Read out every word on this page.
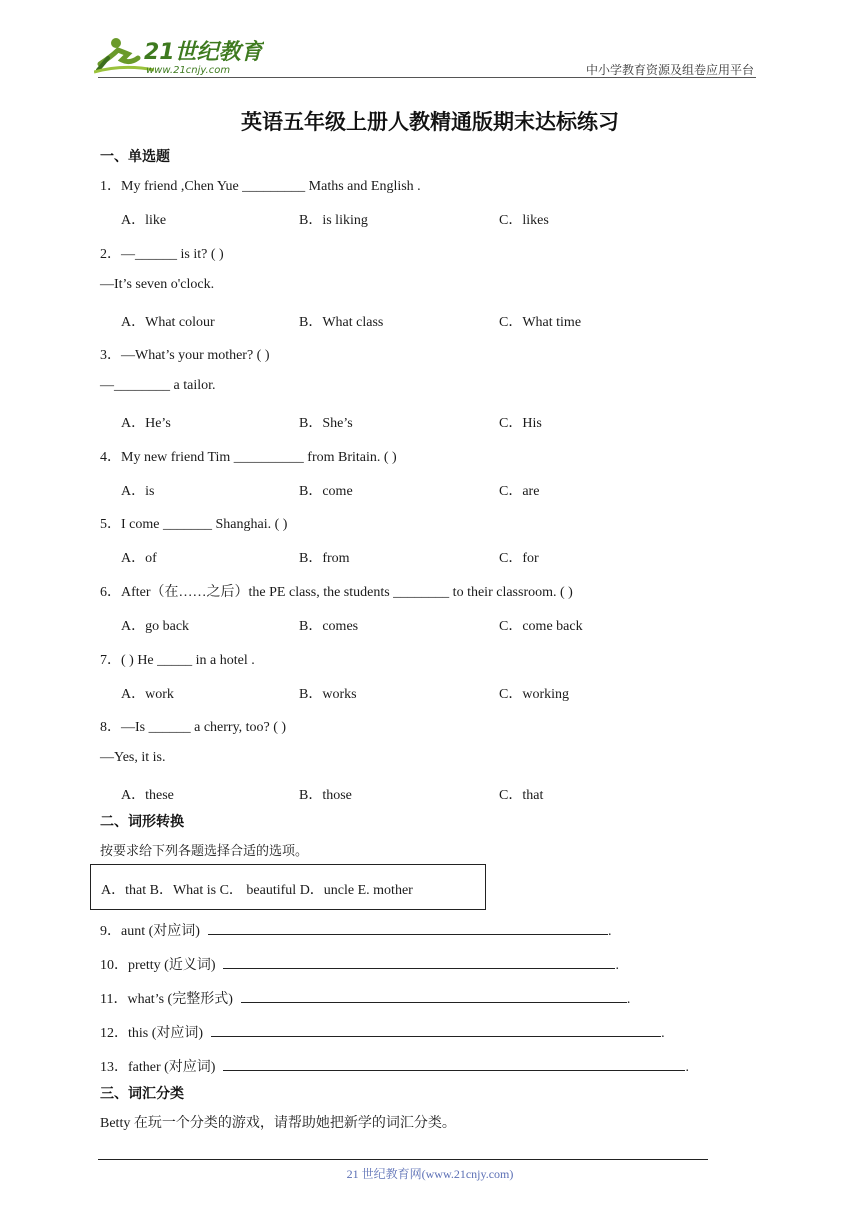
21世纪教育
www.21cnjy.com	中小学教育资源及组卷应用平台
英语五年级上册人教精通版期末达标练习
一、单选题
1．My friend ,Chen Yue _________ Maths and English .
A．like	B．is liking	C．likes
2．—______ is it? ( )
—It’s seven o'clock.
A．What colour	B．What class	C．What time
3．—What’s your mother? ( )
—________ a tailor.
A．He’s	B．She’s	C．His
4．My new friend Tim __________ from Britain. ( )
A．is	B．come	C．are
5．I come _______ Shanghai. ( )
A．of	B．from	C．for
6．After（在……之后）the PE class, the students ________ to their classroom. ( )
A．go back	B．comes	C．come back
7．( ) He _____ in a hotel .
A．work	B．works	C．working
8．—Is ______ a cherry, too? ( )
—Yes, it is.
A．these	B．those	C．that
二、词形转换
按要求给下列各题选择合适的选项。
A．that B．What is C． beautiful D．uncle E. mother
9．aunt (对应词)	.
10．pretty (近义词)	.
11．what’s (完整形式)	.
12．this (对应词)	.
13．father (对应词)	.
三、词汇分类
Betty 在玩一个分类的游戏，请帮助她把新学的词汇分类。
21 世纪教育网(www.21cnjy.com)
